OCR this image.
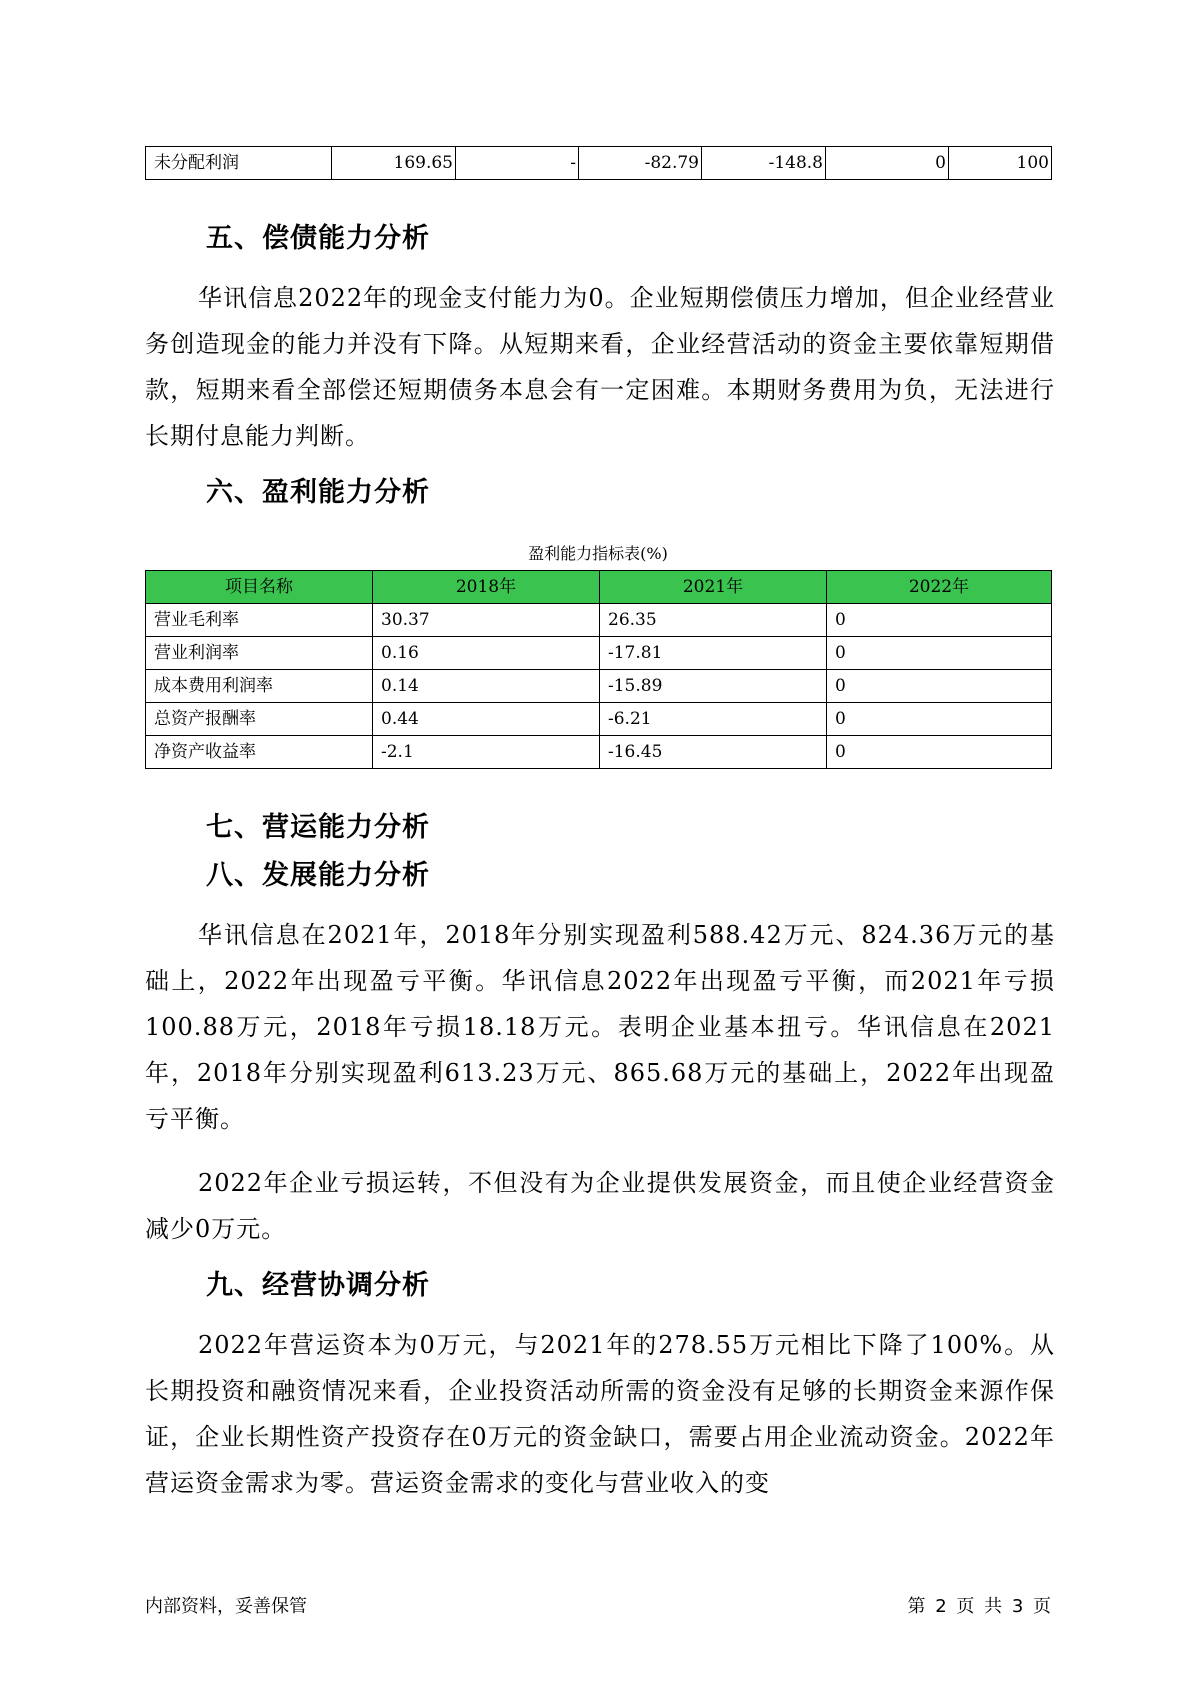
未分配利润	169.65	-	-82.79	-148.8	0	100
五、偿债能力分析

华讯信息2022年的现金支付能力为0。企业短期偿债压力增加，但企业经营业务创造现金的能力并没有下降。从短期来看，企业经营活动的资金主要依靠短期借款，短期来看全部偿还短期债务本息会有一定困难。本期财务费用为负，无法进行长期付息能力判断。

六、盈利能力分析
盈利能力指标表(%)
项目名称	2018年	2021年	2022年
营业毛利率	30.37	26.35	0
营业利润率	0.16	-17.81	0
成本费用利润率	0.14	-15.89	0
总资产报酬率	0.44	-6.21	0
净资产收益率	-2.1	-16.45	0
七、营运能力分析
八、发展能力分析

华讯信息在2021年，2018年分别实现盈利588.42万元、824.36万元的基础上，2022年出现盈亏平衡。华讯信息2022年出现盈亏平衡，而2021年亏损100.88万元，2018年亏损18.18万元。表明企业基本扭亏。华讯信息在2021年，2018年分别实现盈利613.23万元、865.68万元的基础上，2022年出现盈亏平衡。

2022年企业亏损运转，不但没有为企业提供发展资金，而且使企业经营资金减少0万元。

九、经营协调分析

2022年营运资本为0万元，与2021年的278.55万元相比下降了100%。从长期投资和融资情况来看，企业投资活动所需的资金没有足够的长期资金来源作保证，企业长期性资产投资存在0万元的资金缺口，需要占用企业流动资金。2022年营运资金需求为零。营运资金需求的变化与营业收入的变

内部资料，妥善保管	第 2 页 共 3 页
